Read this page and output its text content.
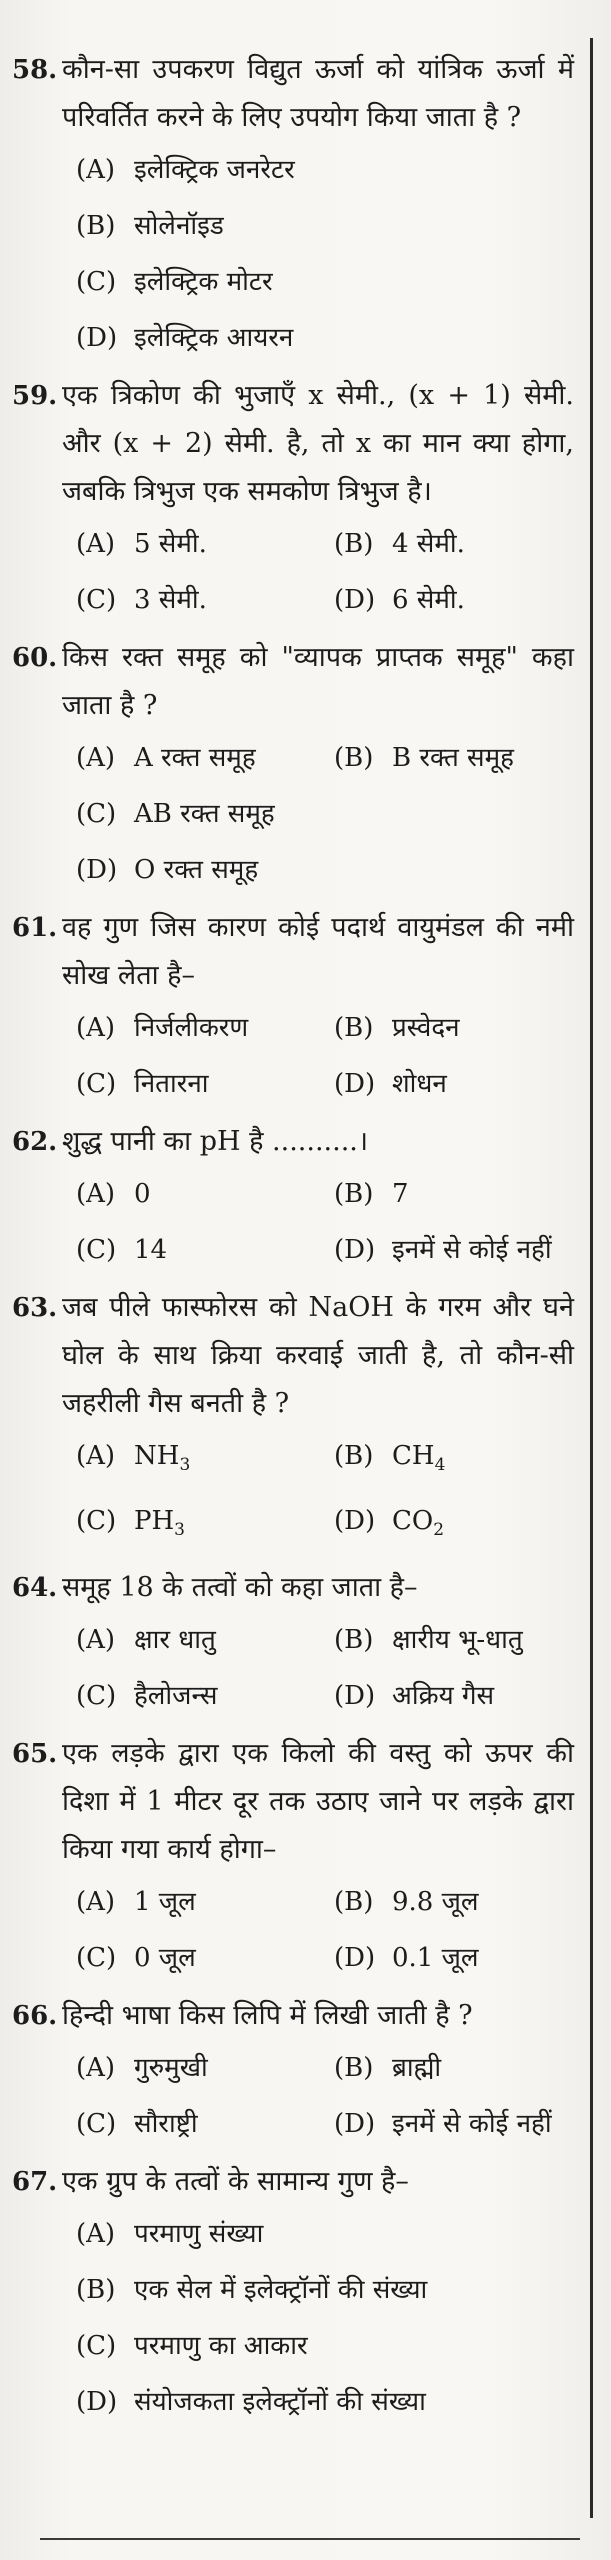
58. कौन-सा उपकरण विद्युत ऊर्जा को यांत्रिक ऊर्जा में परिवर्तित करने के लिए उपयोग किया जाता है ?
(A) इलेक्ट्रिक जनरेटर
(B) सोलेनॉइड
(C) इलेक्ट्रिक मोटर
(D) इलेक्ट्रिक आयरन
59. एक त्रिकोण की भुजाएँ x सेमी., (x + 1) सेमी. और (x + 2) सेमी. है, तो x का मान क्या होगा, जबकि त्रिभुज एक समकोण त्रिभुज है।
(A) 5 सेमी.	(B) 4 सेमी.
(C) 3 सेमी.	(D) 6 सेमी.
60. किस रक्त समूह को "व्यापक प्राप्तक समूह" कहा जाता है ?
(A) A रक्त समूह	(B) B रक्त समूह
(C) AB रक्त समूह
(D) O रक्त समूह
61. वह गुण जिस कारण कोई पदार्थ वायुमंडल की नमी सोख लेता है–
(A) निर्जलीकरण	(B) प्रस्वेदन
(C) नितारना	(D) शोधन
62. शुद्ध पानी का pH है ..........।
(A) 0	(B) 7
(C) 14	(D) इनमें से कोई नहीं
63. जब पीले फास्फोरस को NaOH के गरम और घने घोल के साथ क्रिया करवाई जाती है, तो कौन-सी जहरीली गैस बनती है ?
(A) $NH_3$	(B) $CH_4$
(C) $PH_3$	(D) $CO_2$
64. समूह 18 के तत्वों को कहा जाता है–
(A) क्षार धातु	(B) क्षारीय भू-धातु
(C) हैलोजन्स	(D) अक्रिय गैस
65. एक लड़के द्वारा एक किलो की वस्तु को ऊपर की दिशा में 1 मीटर दूर तक उठाए जाने पर लड़के द्वारा किया गया कार्य होगा–
(A) 1 जूल	(B) 9.8 जूल
(C) 0 जूल	(D) 0.1 जूल
66. हिन्दी भाषा किस लिपि में लिखी जाती है ?
(A) गुरुमुखी	(B) ब्राह्मी
(C) सौराष्ट्री	(D) इनमें से कोई नहीं
67. एक ग्रुप के तत्वों के सामान्य गुण है–
(A) परमाणु संख्या
(B) एक सेल में इलेक्ट्रॉनों की संख्या
(C) परमाणु का आकार
(D) संयोजकता इलेक्ट्रॉनों की संख्या
